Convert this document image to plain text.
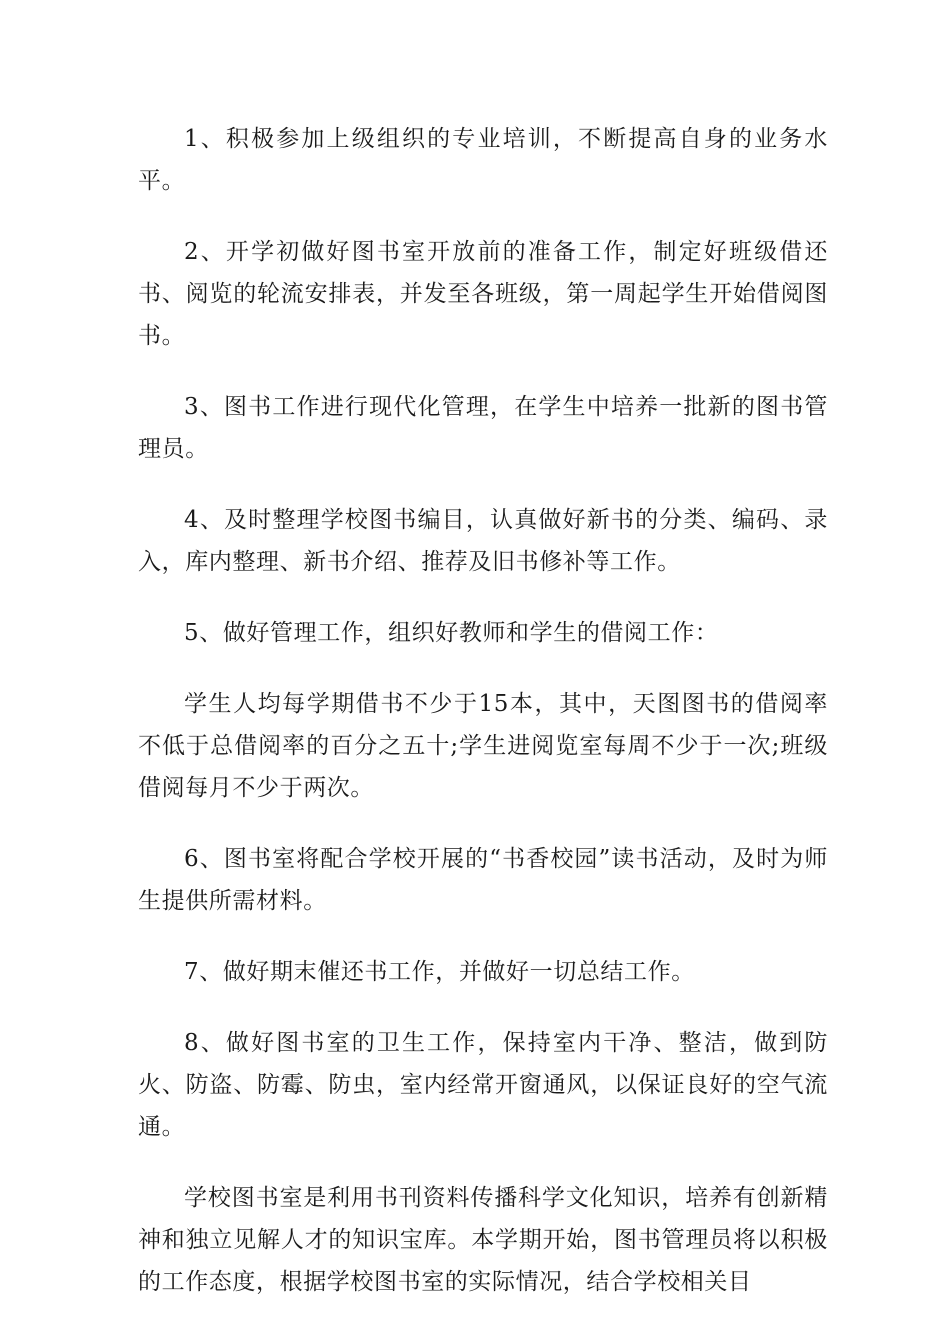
1、积极参加上级组织的专业培训，不断提高自身的业务水平。

2、开学初做好图书室开放前的准备工作，制定好班级借还书、阅览的轮流安排表，并发至各班级，第一周起学生开始借阅图书。

3、图书工作进行现代化管理，在学生中培养一批新的图书管理员。

4、及时整理学校图书编目，认真做好新书的分类、编码、录入，库内整理、新书介绍、推荐及旧书修补等工作。

5、做好管理工作，组织好教师和学生的借阅工作：

学生人均每学期借书不少于15本，其中，天图图书的借阅率不低于总借阅率的百分之五十;学生进阅览室每周不少于一次;班级借阅每月不少于两次。

6、图书室将配合学校开展的“书香校园”读书活动，及时为师生提供所需材料。

7、做好期末催还书工作，并做好一切总结工作。

8、做好图书室的卫生工作，保持室内干净、整洁，做到防火、防盗、防霉、防虫，室内经常开窗通风，以保证良好的空气流通。

学校图书室是利用书刊资料传播科学文化知识，培养有创新精神和独立见解人才的知识宝库。本学期开始，图书管理员将以积极的工作态度，根据学校图书室的实际情况，结合学校相关目
